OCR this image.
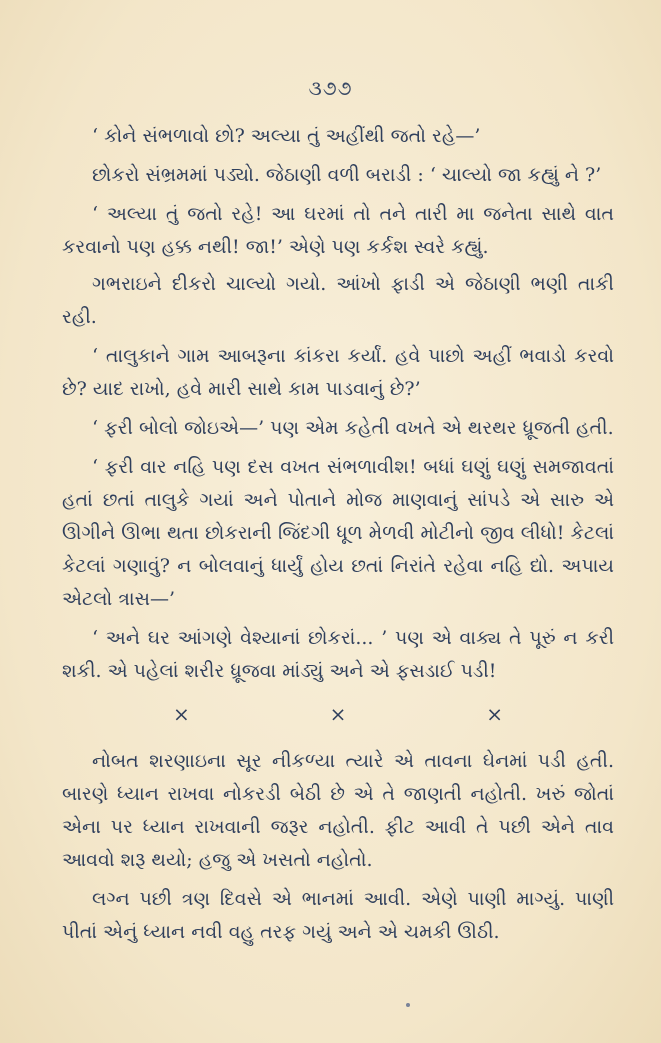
૩૭૭

‘ કોને સંભળાવો છો? અલ્યા તું અહીંથી જતો રહે—’

છોકરો સંભ્રમમાં પડ્યો. જેઠાણી વળી બરાડી : ‘ ચાલ્યો જા કહ્યું ને ?’

‘ અલ્યા તું જતો રહે! આ ઘરમાં તો તને તારી મા જનેતા સાથે વાત કરવાનો પણ હક્ક નથી! જા!’ એણે પણ કર્કશ સ્વરે કહ્યું.

ગભરાઇને દીકરો ચાલ્યો ગયો. આંખો ફાડી એ જેઠાણી ભણી તાકી રહી.

‘ તાલુકાને ગામ આબરૂના કાંકરા કર્યાં. હવે પાછો અહીં ભવાડો કરવો છે? યાદ રાખો, હવે મારી સાથે કામ પાડવાનું છે?’

‘ ફરી બોલો જોઇએ—’ પણ એમ કહેતી વખતે એ થરથર ધ્રૂજતી હતી.

‘ ફરી વાર નહિ પણ દસ વખત સંભળાવીશ! બધાં ઘણું ઘણું સમજાવતાં હતાં છતાં તાલુકે ગયાં અને પોતાને મોજ માણવાનું સાંપડે એ સારુ એ ઊગીને ઊભા થતા છોકરાની જિંદગી ધૂળ મેળવી મોટીનો જીવ લીધો! કેટલાં કેટલાં ગણાવું? ન બોલવાનું ધાર્યું હોય છતાં નિરાંતે રહેવા નહિ દ્યો. અપાય એટલો ત્રાસ—’

‘ અને ઘર આંગણે વેશ્યાનાં છોકરાં... ’ પણ એ વાક્ય તે પૂરું ન કરી શકી. એ પહેલાં શરીર ધ્રૂજવા માંડ્યું અને એ ફસડાઈ પડી!

×	×	×

નોબત શરણાઇના સૂર નીકળ્યા ત્યારે એ તાવના ઘેનમાં પડી હતી. બારણે ધ્યાન રાખવા નોકરડી બેઠી છે એ તે જાણતી નહોતી. ખરું જોતાં એના પર ધ્યાન રાખવાની જરૂર નહોતી. ફીટ આવી તે પછી એને તાવ આવવો શરૂ થયો; હજુ એ ખસતો નહોતો.

લગ્ન પછી ત્રણ દિવસે એ ભાનમાં આવી. એણે પાણી માગ્યું. પાણી પીતાં એનું ધ્યાન નવી વહુ તરફ ગયું અને એ ચમકી ઊઠી.
